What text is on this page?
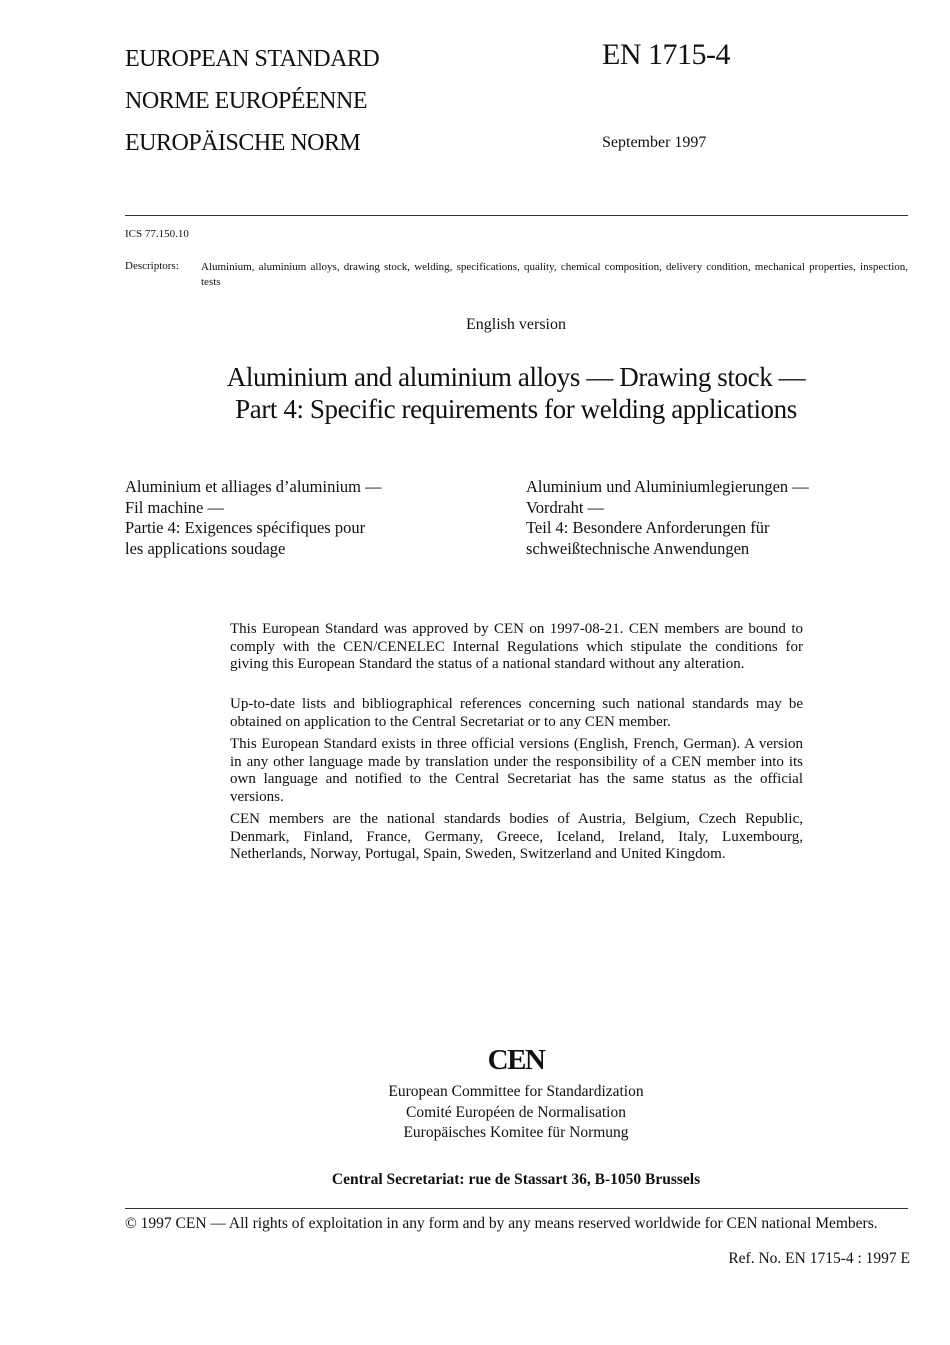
EUROPEAN STANDARD
NORME EUROPÉENNE
EUROPÄISCHE NORM
EN 1715-4
September 1997
ICS 77.150.10
Descriptors: Aluminium, aluminium alloys, drawing stock, welding, specifications, quality, chemical composition, delivery condition, mechanical properties, inspection, tests
English version
Aluminium and aluminium alloys — Drawing stock —
Part 4: Specific requirements for welding applications
Aluminium et alliages d’aluminium —
Fil machine —
Partie 4: Exigences spécifiques pour
les applications soudage
Aluminium und Aluminiumlegierungen —
Vordraht —
Teil 4: Besondere Anforderungen für
schweißtechnische Anwendungen
This European Standard was approved by CEN on 1997-08-21. CEN members are bound to comply with the CEN/CENELEC Internal Regulations which stipulate the conditions for giving this European Standard the status of a national standard without any alteration.
Up-to-date lists and bibliographical references concerning such national standards may be obtained on application to the Central Secretariat or to any CEN member.
This European Standard exists in three official versions (English, French, German). A version in any other language made by translation under the responsibility of a CEN member into its own language and notified to the Central Secretariat has the same status as the official versions.
CEN members are the national standards bodies of Austria, Belgium, Czech Republic, Denmark, Finland, France, Germany, Greece, Iceland, Ireland, Italy, Luxembourg, Netherlands, Norway, Portugal, Spain, Sweden, Switzerland and United Kingdom.
CEN
European Committee for Standardization
Comité Européen de Normalisation
Europäisches Komitee für Normung
Central Secretariat: rue de Stassart 36, B-1050 Brussels
© 1997 CEN — All rights of exploitation in any form and by any means reserved worldwide for CEN national Members.
Ref. No. EN 1715-4 : 1997 E
